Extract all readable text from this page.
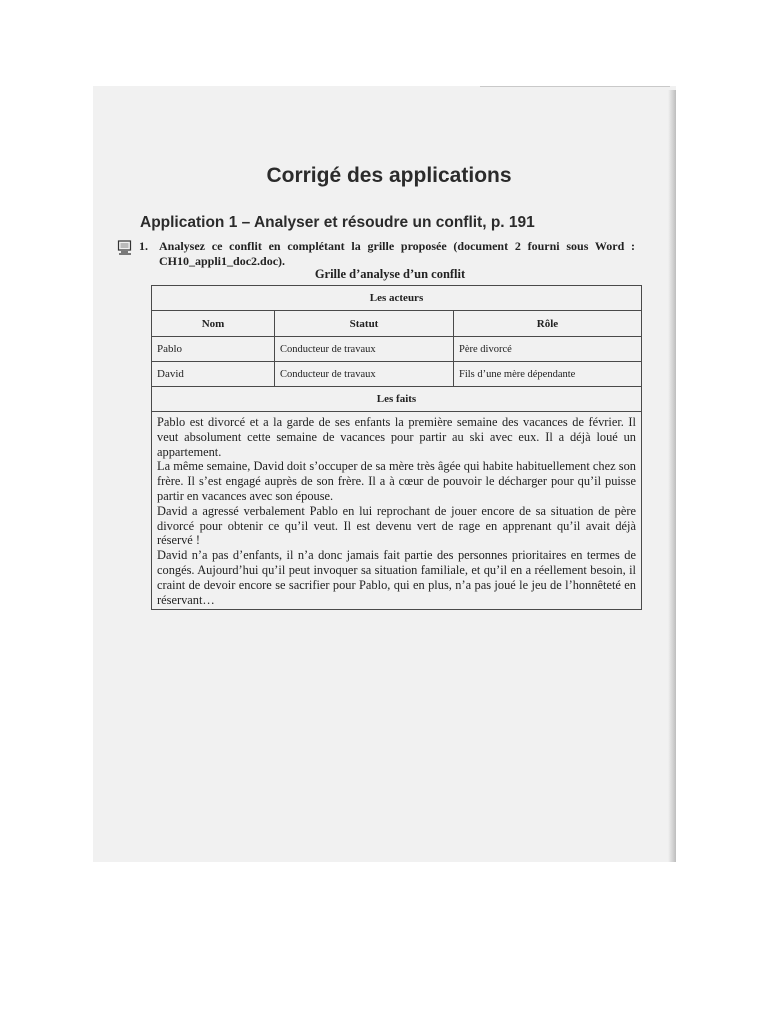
Corrigé des applications
Application 1 – Analyser et résoudre un conflit, p. 191
1. Analysez ce conflit en complétant la grille proposée (document 2 fourni sous Word : CH10_appli1_doc2.doc).
Grille d’analyse d’un conflit
Les acteurs		
Nom	Statut	Rôle
Pablo	Conducteur de travaux	Père divorcé
David	Conducteur de travaux	Fils d’une mère dépendante
Les faits		

Pablo est divorcé et a la garde de ses enfants la première semaine des vacances de février. Il veut absolument cette semaine de vacances pour partir au ski avec eux. Il a déjà loué un appartement.

La même semaine, David doit s’occuper de sa mère très âgée qui habite habituellement chez son frère. Il s’est engagé auprès de son frère. Il a à cœur de pouvoir le décharger pour qu’il puisse partir en vacances avec son épouse.

David a agressé verbalement Pablo en lui reprochant de jouer encore de sa situation de père divorcé pour obtenir ce qu’il veut. Il est devenu vert de rage en apprenant qu’il avait déjà réservé !

David n’a pas d’enfants, il n’a donc jamais fait partie des personnes prioritaires en termes de congés. Aujourd’hui qu’il peut invoquer sa situation familiale, et qu’il en a réellement besoin, il craint de devoir encore se sacrifier pour Pablo, qui en plus, n’a pas joué le jeu de l’honnêteté en réservant…		
